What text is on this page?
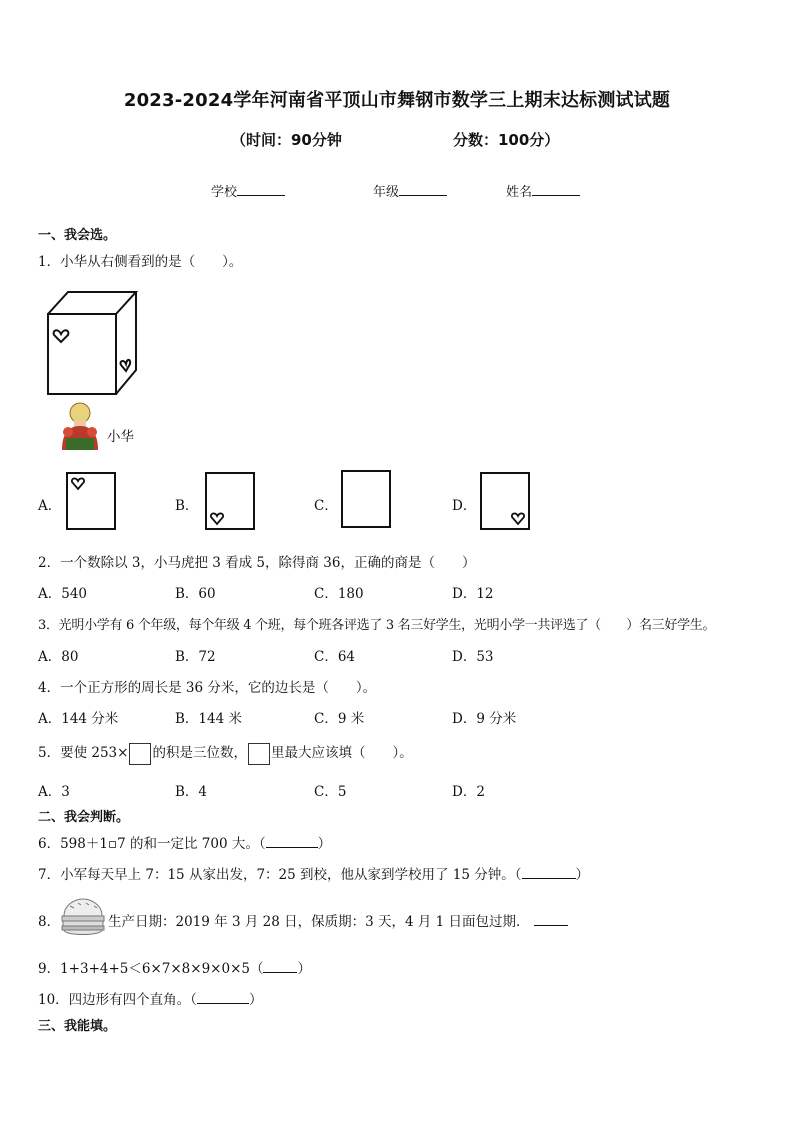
2023-2024学年河南省平顶山市舞钢市数学三上期末达标测试试题
（时间：90分钟	分数：100分）
学校	年级	姓名
一、我会选。
1．小华从右侧看到的是（　　）。
小华
A．	B．	C．	D．
2．一个数除以 3，小马虎把 3 看成 5，除得商 36，正确的商是（　　）
A．540	B．60	C．180	D．12
3．光明小学有 6 个年级，每个年级 4 个班，每个班各评选了 3 名三好学生，光明小学一共评选了（　　）名三好学生。
A．80	B．72	C．64	D．53
4．一个正方形的周长是 36 分米，它的边长是（　　）。
A．144 分米	B．144 米	C．9 米	D．9 分米
5．要使 253× 的积是三位数， 里最大应该填（　　）。
A．3	B．4	C．5	D．2
二、我会判断。
6．598＋1▫7 的和一定比 700 大。（	）
7．小军每天早上 7：15 从家出发，7：25 到校，他从家到学校用了 15 分钟。（	）
8．	生产日期：2019 年 3 月 28 日，保质期：3 天，4 月 1 日面包过期．
9．1+3+4+5＜6×7×8×9×0×5（	）
10．四边形有四个直角。（	）
三、我能填。
